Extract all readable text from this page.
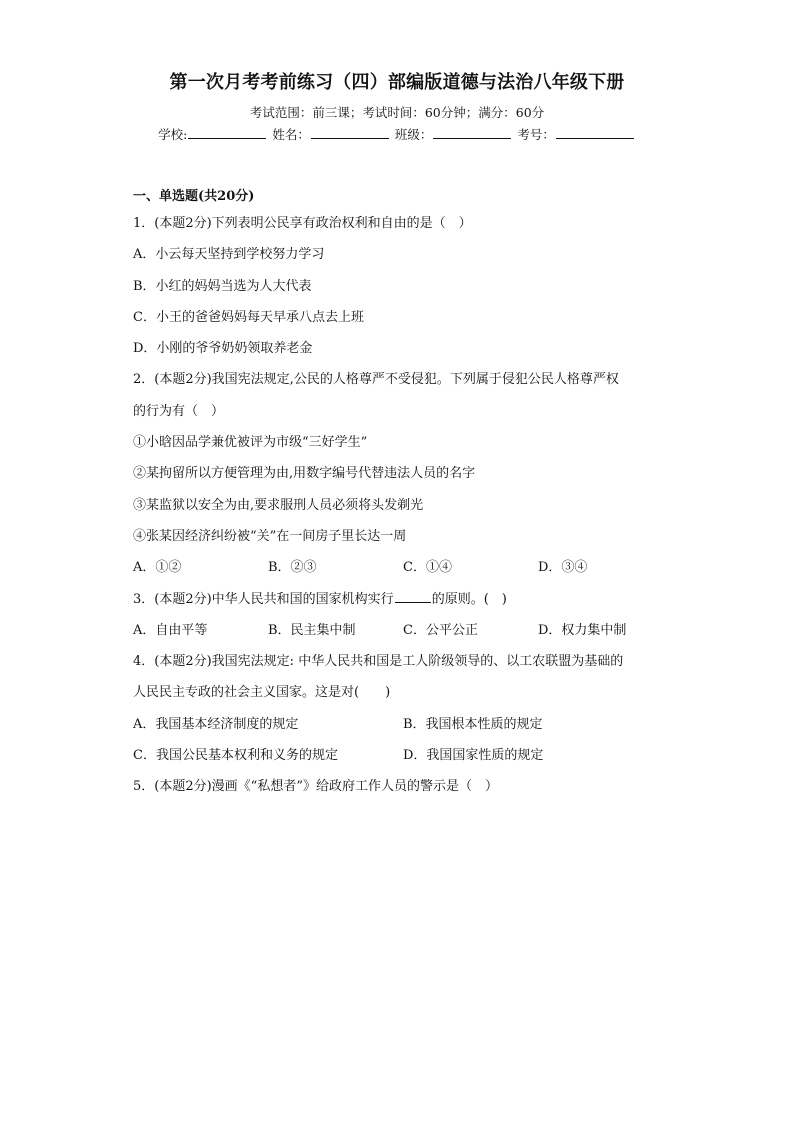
第一次月考考前练习（四）部编版道德与法治八年级下册
考试范围：前三课；考试时间：60分钟；满分：60分
学校:	姓名：	班级：	考号：
一、单选题(共20分)
1．(本题2分)下列表明公民享有政治权利和自由的是（　）
A．小云每天坚持到学校努力学习
B．小红的妈妈当选为人大代表
C．小王的爸爸妈妈每天早承八点去上班
D．小刚的爷爷奶奶领取养老金
2．(本题2分)我国宪法规定,公民的人格尊严不受侵犯。下列属于侵犯公民人格尊严权
的行为有（　）
①小晗因品学兼优被评为市级“三好学生”
②某拘留所以方便管理为由,用数字编号代替违法人员的名字
③某监狱以安全为由,要求服刑人员必须将头发剃光
④张某因经济纠纷被“关”在一间房子里长达一周
A．①②	B．②③	C．①④	D．③④
3．(本题2分)中华人民共和国的国家机构实行	的原则。(　)
A．自由平等	B．民主集中制	C．公平公正	D．权力集中制
4．(本题2分)我国宪法规定: 中华人民共和国是工人阶级领导的、以工农联盟为基础的
人民民主专政的社会主义国家。这是对(　　)
A．我国基本经济制度的规定	B．我国根本性质的规定
C．我国公民基本权利和义务的规定	D．我国国家性质的规定
5．(本题2分)漫画《“私想者”》给政府工作人员的警示是（　）
